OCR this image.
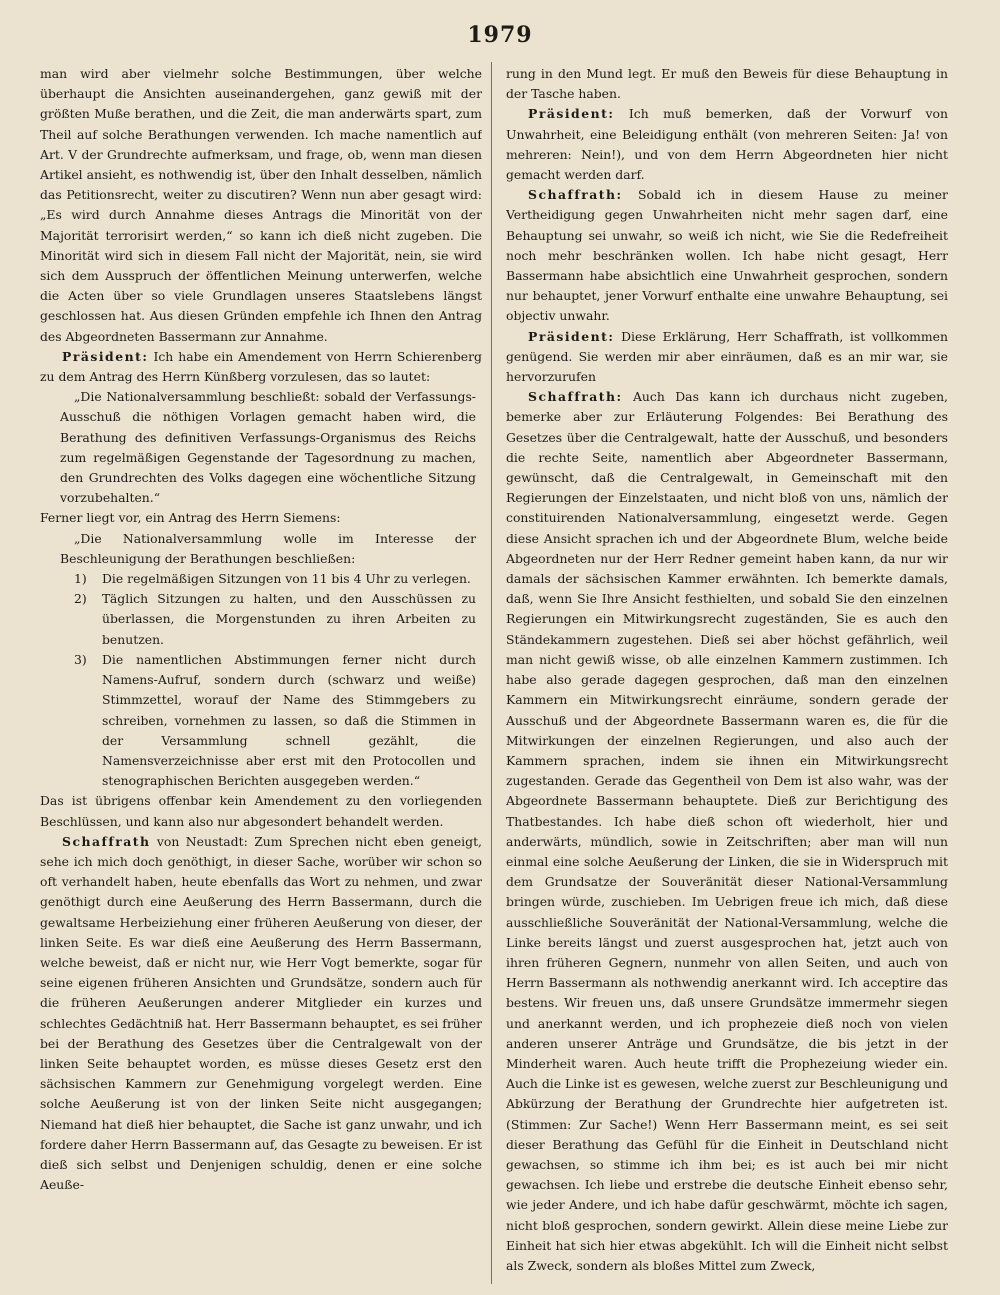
1979

man wird aber vielmehr solche Bestimmungen, über welche überhaupt die Ansichten auseinandergehen, ganz gewiß mit der größten Muße berathen, und die Zeit, die man anderwärts spart, zum Theil auf solche Berathungen verwenden. Ich mache namentlich auf Art. V der Grundrechte aufmerksam, und frage, ob, wenn man diesen Artikel ansieht, es nothwendig ist, über den Inhalt desselben, nämlich das Petitionsrecht, weiter zu discutiren? Wenn nun aber gesagt wird: „Es wird durch Annahme dieses Antrags die Minorität von der Majorität terrorisirt werden,“ so kann ich dieß nicht zugeben. Die Minorität wird sich in diesem Fall nicht der Majorität, nein, sie wird sich dem Ausspruch der öffentlichen Meinung unterwerfen, welche die Acten über so viele Grundlagen unseres Staatslebens längst geschlossen hat. Aus diesen Gründen empfehle ich Ihnen den Antrag des Abgeordneten Bassermann zur Annahme.

Präsident: Ich habe ein Amendement von Herrn Schierenberg zu dem Antrag des Herrn Künßberg vorzulesen, das so lautet:

„Die Nationalversammlung beschließt: sobald der Verfassungs-Ausschuß die nöthigen Vorlagen gemacht haben wird, die Berathung des definitiven Verfassungs-Organismus des Reichs zum regelmäßigen Gegenstande der Tagesordnung zu machen, den Grundrechten des Volks dagegen eine wöchentliche Sitzung vorzubehalten.“

Ferner liegt vor, ein Antrag des Herrn Siemens:

„Die Nationalversammlung wolle im Interesse der Beschleunigung der Berathungen beschließen:

1) Die regelmäßigen Sitzungen von 11 bis 4 Uhr zu verlegen.
2) Täglich Sitzungen zu halten, und den Ausschüssen zu überlassen, die Morgenstunden zu ihren Arbeiten zu benutzen.
3) Die namentlichen Abstimmungen ferner nicht durch Namens-Aufruf, sondern durch (schwarz und weiße) Stimmzettel, worauf der Name des Stimmgebers zu schreiben, vornehmen zu lassen, so daß die Stimmen in der Versammlung schnell gezählt, die Namensverzeichnisse aber erst mit den Protocollen und stenographischen Berichten ausgegeben werden.“

Das ist übrigens offenbar kein Amendement zu den vorliegenden Beschlüssen, und kann also nur abgesondert behandelt werden.

Schaffrath von Neustadt: Zum Sprechen nicht eben geneigt, sehe ich mich doch genöthigt, in dieser Sache, worüber wir schon so oft verhandelt haben, heute ebenfalls das Wort zu nehmen, und zwar genöthigt durch eine Aeußerung des Herrn Bassermann, durch die gewaltsame Herbeiziehung einer früheren Aeußerung von dieser, der linken Seite. Es war dieß eine Aeußerung des Herrn Bassermann, welche beweist, daß er nicht nur, wie Herr Vogt bemerkte, sogar für seine eigenen früheren Ansichten und Grundsätze, sondern auch für die früheren Aeußerungen anderer Mitglieder ein kurzes und schlechtes Gedächtniß hat. Herr Bassermann behauptet, es sei früher bei der Berathung des Gesetzes über die Centralgewalt von der linken Seite behauptet worden, es müsse dieses Gesetz erst den sächsischen Kammern zur Genehmigung vorgelegt werden. Eine solche Aeußerung ist von der linken Seite nicht ausgegangen; Niemand hat dieß hier behauptet, die Sache ist ganz unwahr, und ich fordere daher Herrn Bassermann auf, das Gesagte zu beweisen. Er ist dieß sich selbst und Denjenigen schuldig, denen er eine solche Aeuße-

rung in den Mund legt. Er muß den Beweis für diese Behauptung in der Tasche haben.

Präsident: Ich muß bemerken, daß der Vorwurf von Unwahrheit, eine Beleidigung enthält (von mehreren Seiten: Ja! von mehreren: Nein!), und von dem Herrn Abgeordneten hier nicht gemacht werden darf.

Schaffrath: Sobald ich in diesem Hause zu meiner Vertheidigung gegen Unwahrheiten nicht mehr sagen darf, eine Behauptung sei unwahr, so weiß ich nicht, wie Sie die Redefreiheit noch mehr beschränken wollen. Ich habe nicht gesagt, Herr Bassermann habe absichtlich eine Unwahrheit gesprochen, sondern nur behauptet, jener Vorwurf enthalte eine unwahre Behauptung, sei objectiv unwahr.

Präsident: Diese Erklärung, Herr Schaffrath, ist vollkommen genügend. Sie werden mir aber einräumen, daß es an mir war, sie hervorzurufen

Schaffrath: Auch Das kann ich durchaus nicht zugeben, bemerke aber zur Erläuterung Folgendes: Bei Berathung des Gesetzes über die Centralgewalt, hatte der Ausschuß, und besonders die rechte Seite, namentlich aber Abgeordneter Bassermann, gewünscht, daß die Centralgewalt, in Gemeinschaft mit den Regierungen der Einzelstaaten, und nicht bloß von uns, nämlich der constituirenden Nationalversammlung, eingesetzt werde. Gegen diese Ansicht sprachen ich und der Abgeordnete Blum, welche beide Abgeordneten nur der Herr Redner gemeint haben kann, da nur wir damals der sächsischen Kammer erwähnten. Ich bemerkte damals, daß, wenn Sie Ihre Ansicht festhielten, und sobald Sie den einzelnen Regierungen ein Mitwirkungsrecht zugeständen, Sie es auch den Ständekammern zugestehen. Dieß sei aber höchst gefährlich, weil man nicht gewiß wisse, ob alle einzelnen Kammern zustimmen. Ich habe also gerade dagegen gesprochen, daß man den einzelnen Kammern ein Mitwirkungsrecht einräume, sondern gerade der Ausschuß und der Abgeordnete Bassermann waren es, die für die Mitwirkungen der einzelnen Regierungen, und also auch der Kammern sprachen, indem sie ihnen ein Mitwirkungsrecht zugestanden. Gerade das Gegentheil von Dem ist also wahr, was der Abgeordnete Bassermann behauptete. Dieß zur Berichtigung des Thatbestandes. Ich habe dieß schon oft wiederholt, hier und anderwärts, mündlich, sowie in Zeitschriften; aber man will nun einmal eine solche Aeußerung der Linken, die sie in Widerspruch mit dem Grundsatze der Souveränität dieser National-Versammlung bringen würde, zuschieben. Im Uebrigen freue ich mich, daß diese ausschließliche Souveränität der National-Versammlung, welche die Linke bereits längst und zuerst ausgesprochen hat, jetzt auch von ihren früheren Gegnern, nunmehr von allen Seiten, und auch von Herrn Bassermann als nothwendig anerkannt wird. Ich acceptire das bestens. Wir freuen uns, daß unsere Grundsätze immermehr siegen und anerkannt werden, und ich prophezeie dieß noch von vielen anderen unserer Anträge und Grundsätze, die bis jetzt in der Minderheit waren. Auch heute trifft die Prophezeiung wieder ein. Auch die Linke ist es gewesen, welche zuerst zur Beschleunigung und Abkürzung der Berathung der Grundrechte hier aufgetreten ist. (Stimmen: Zur Sache!) Wenn Herr Bassermann meint, es sei seit dieser Berathung das Gefühl für die Einheit in Deutschland nicht gewachsen, so stimme ich ihm bei; es ist auch bei mir nicht gewachsen. Ich liebe und erstrebe die deutsche Einheit ebenso sehr, wie jeder Andere, und ich habe dafür geschwärmt, möchte ich sagen, nicht bloß gesprochen, sondern gewirkt. Allein diese meine Liebe zur Einheit hat sich hier etwas abgekühlt. Ich will die Einheit nicht selbst als Zweck, sondern als bloßes Mittel zum Zweck,
